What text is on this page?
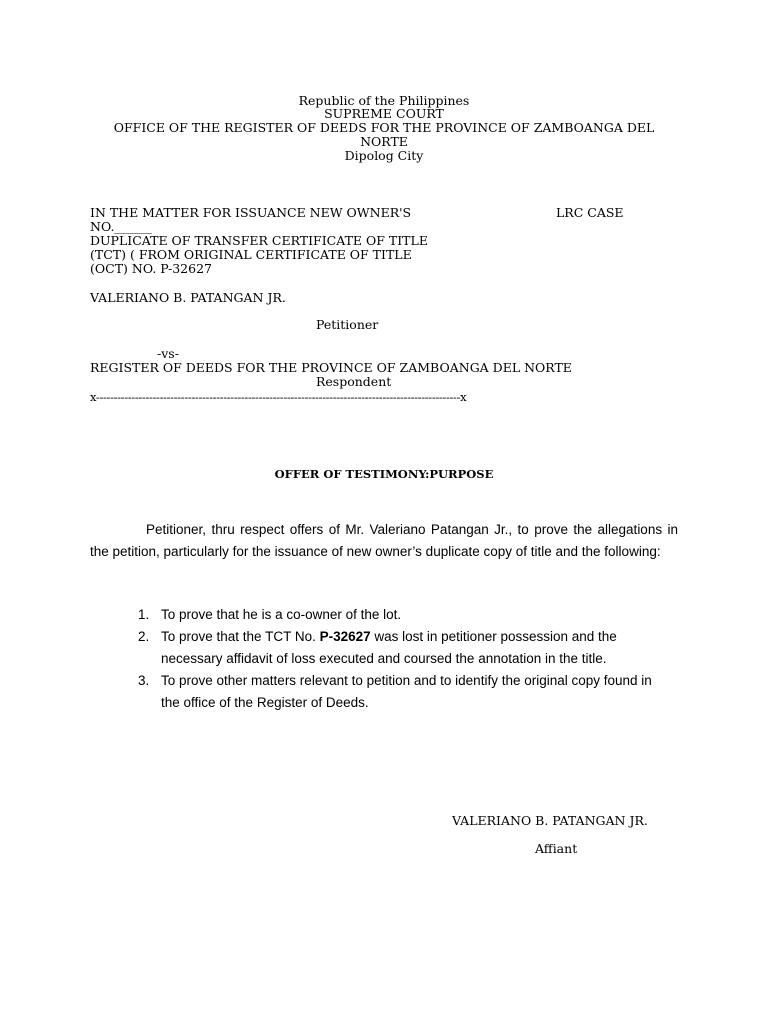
Republic of the Philippines
SUPREME COURT
OFFICE OF THE REGISTER OF DEEDS FOR THE PROVINCE OF ZAMBOANGA DEL
NORTE
Dipolog City
IN THE MATTER FOR ISSUANCE NEW OWNER'S	LRC CASE
NO.______
DUPLICATE OF TRANSFER CERTIFICATE OF TITLE
(TCT) ( FROM ORIGINAL CERTIFICATE OF TITLE
(OCT) NO. P-32627
VALERIANO B. PATANGAN JR.
Petitioner
-vs-
REGISTER OF DEEDS FOR THE PROVINCE OF ZAMBOANGA DEL NORTE
Respondent
x-------------------------------------------------------------------------------------------------------x
OFFER OF TESTIMONY:PURPOSE
Petitioner, thru respect offers of Mr. Valeriano Patangan Jr., to prove the allegations in the petition, particularly for the issuance of new owner’s duplicate copy of title and the following:
1. To prove that he is a co-owner of the lot.
2. To prove that the TCT No. P-32627 was lost in petitioner possession and the necessary affidavit of loss executed and coursed the annotation in the title.
3. To prove other matters relevant to petition and to identify the original copy found in the office of the Register of Deeds.
VALERIANO B. PATANGAN JR.
Affiant
